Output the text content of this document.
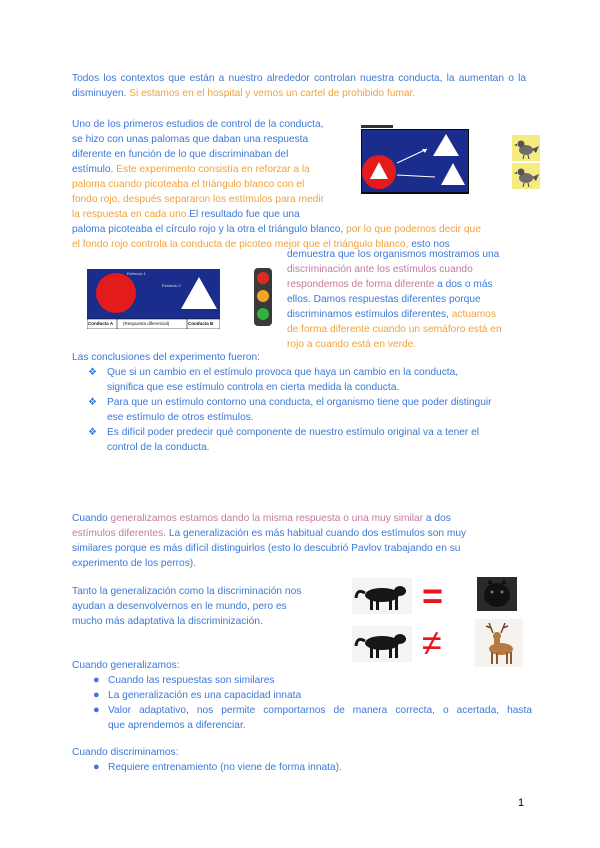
Todos los contextos que están a nuestro alrededor controlan nuestra conducta, la aumentan o la disminuyen. Si estamos en el hospital y vemos un cartel de prohibido fumar.
Uno de los primeros estudios de control de la conducta,
se hizo con unas palomas que daban una respuesta
diferente en función de lo que discriminaban del
estímulo. Este experimento consistía en reforzar a la
paloma cuando picoteaba el triángulo blanco con el
fondo rojo, después separaron los estímulos para medir
la respuesta en cada uno.El resultado fue que una
paloma picoteaba el círculo rojo y la otra el triángulo blanco, por lo que podemos decir que
el fondo rojo controla la conducta de picoteo mejor que el triángulo blanco, esto nos
Estímulo 1
Estímulo 2
Conducta A (Respuesta diferencial)	Conducta B
demuestra que los organismos mostramos una
discriminación ante los estímulos cuando
respondemos de forma diferente a dos o más
ellos. Damos respuestas diferentes porque
discriminamos estímulos diferentes, actuamos
de forma diferente cuando un semáforo está en
rojo a cuando está en verde.
Las conclusiones del experimento fueron:
❖ Que si un cambio en el estímulo provoca que haya un cambio en la conducta,
significa que ese estímulo controla en cierta medida la conducta.
❖ Para que un estímulo contorno una conducta, el organismo tiene que poder distinguir
ese estímulo de otros estímulos.
❖ Es difícil poder predecir qué componente de nuestro estímulo original va a tener el
control de la conducta.
Cuando generalizamos estamos dando la misma respuesta o una muy similar a dos
estímulos diferentes. La generalización es más habitual cuando dos estímulos son muy
similares porque es más difícil distinguirlos (esto lo descubrió Pavlov trabajando en su
experimento de los perros).
Tanto la generalización como la discriminación nos
ayudan a desenvolvernos en le mundo, pero es
mucho más adaptativa la discriminización.
=
≠
Cuando generalizamos:
● Cuando las respuestas son similares
● La generalización es una capacidad innata
● Valor adaptativo, nos permite comportarnos de manera correcta, o acertada, hasta
que aprendemos a diferenciar.
Cuando discriminamos:
● Requiere entrenamiento (no viene de forma innata).
1
